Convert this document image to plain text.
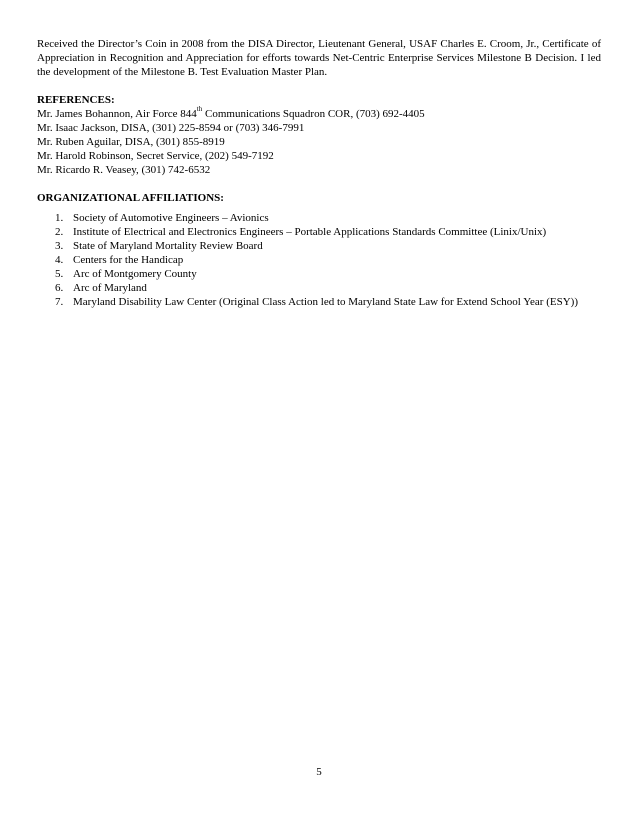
Received the Director’s Coin in 2008 from the DISA Director, Lieutenant General, USAF Charles E. Croom, Jr., Certificate of Appreciation in Recognition and Appreciation for efforts towards Net-Centric Enterprise Services Milestone B Decision. I led the development of the Milestone B. Test Evaluation Master Plan.

REFERENCES:
Mr. James Bohannon, Air Force 844th Communications Squadron COR, (703) 692-4405
Mr. Isaac Jackson, DISA, (301) 225-8594 or (703) 346-7991
Mr. Ruben Aguilar, DISA, (301) 855-8919
Mr. Harold Robinson, Secret Service, (202) 549-7192
Mr. Ricardo R. Veasey, (301) 742-6532
ORGANIZATIONAL AFFILIATIONS:
1. Society of Automotive Engineers – Avionics
2. Institute of Electrical and Electronics Engineers – Portable Applications Standards Committee (Linix/Unix)
3. State of Maryland Mortality Review Board
4. Centers for the Handicap
5. Arc of Montgomery County
6. Arc of Maryland
7. Maryland Disability Law Center (Original Class Action led to Maryland State Law for Extend School Year (ESY))
5
